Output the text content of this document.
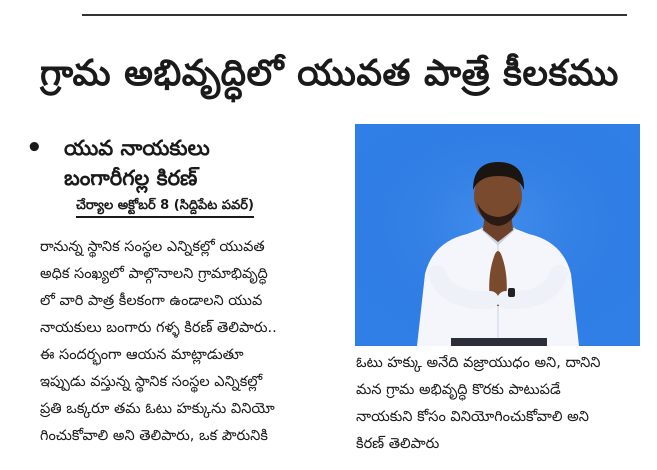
గ్రామ అభివృద్ధిలో యువత పాత్రే కీలకము
• యువ నాయకులు
బంగారీగల్ల కిరణ్
చేర్యాల అక్టోబర్ 8 (సిద్దిపేట పవర్)
రానున్న స్థానిక సంస్థల ఎన్నికల్లో యువత
అధిక సంఖ్యలో పాల్గొనాలని గ్రామాభివృద్ధి
లో వారి పాత్ర కీలకంగా ఉండాలని యువ
నాయకులు బంగారు గళ్ళ కిరణ్ తెలిపారు..
ఈ సందర్భంగా ఆయన మాట్లాడుతూ
ఇప్పుడు వస్తున్న స్థానిక సంస్థల ఎన్నికల్లో
ప్రతి ఒక్కరూ తమ ఓటు హక్కును వినియో
గించుకోవాలి అని తెలిపారు, ఒక పౌరునికి
ఓటు హక్కు అనేది వజ్రాయుధం అని, దానిని
మన గ్రామ అభివృద్ధి కొరకు పాటుపడే
నాయకుని కోసం వినియోగించుకోవాలి అని
కిరణ్ తెలిపారు
